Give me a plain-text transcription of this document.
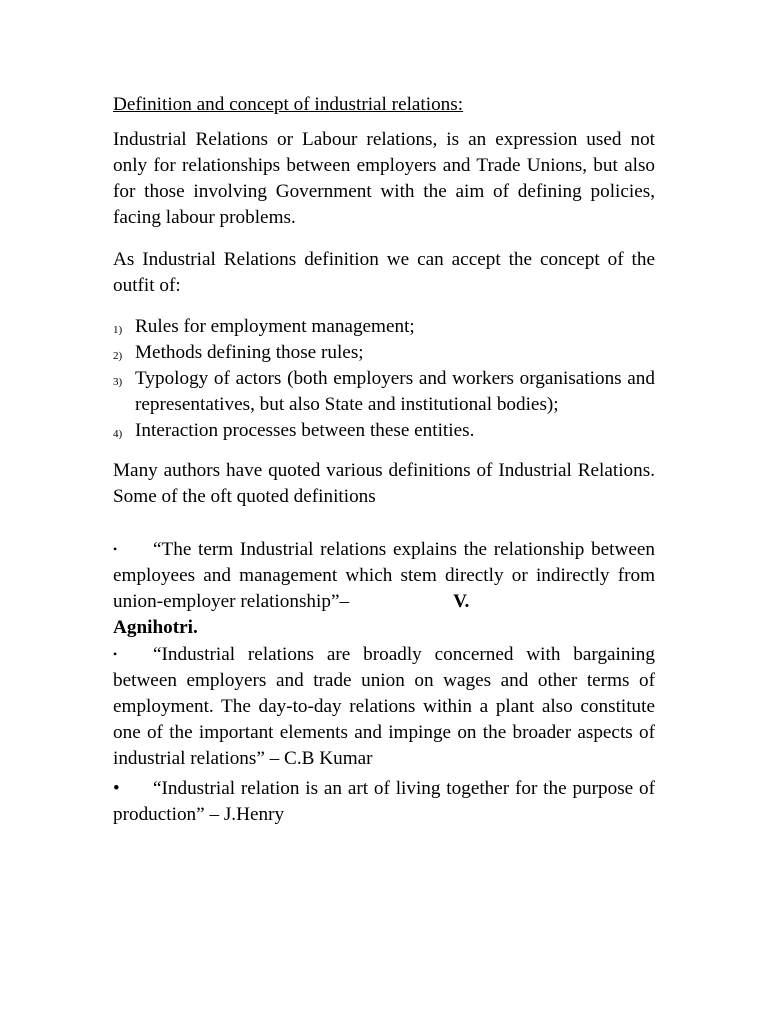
Definition and concept of industrial relations:

Industrial Relations or Labour relations, is an expression used not only for relationships between employers and Trade Unions, but also for those involving Government with the aim of defining policies, facing labour problems.

As Industrial Relations definition we can accept the concept of the outfit of:

1) Rules for employment management;
2) Methods defining those rules;
3) Typology of actors (both employers and workers organisations and representatives, but also State and institutional bodies);
4) Interaction processes between these entities.

Many authors have quoted various definitions of Industrial Relations. Some of the oft quoted definitions

• “The term Industrial relations explains the relationship between employees and management which stem directly or indirectly from union-employer relationship”–	V.
Agnihotri.

• “Industrial relations are broadly concerned with bargaining between employers and trade union on wages and other terms of employment. The day-to-day relations within a plant also constitute one of the important elements and impinge on the broader aspects of industrial relations” – C.B Kumar

• “Industrial relation is an art of living together for the purpose of production” – J.Henry
